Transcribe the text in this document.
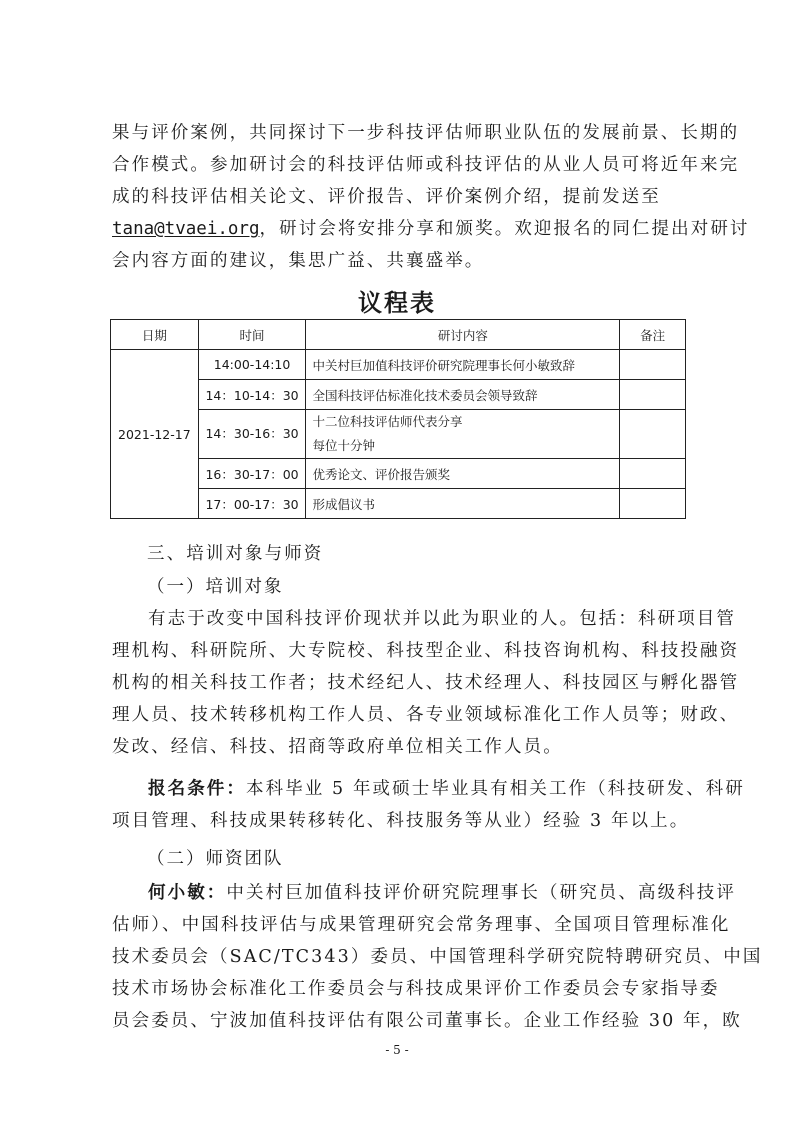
果与评价案例，共同探讨下一步科技评估师职业队伍的发展前景、长期的
合作模式。参加研讨会的科技评估师或科技评估的从业人员可将近年来完
成的科技评估相关论文、评价报告、评价案例介绍，提前发送至
tana@tvaei.org，研讨会将安排分享和颁奖。欢迎报名的同仁提出对研讨
会内容方面的建议，集思广益、共襄盛举。
议程表
日期	时间	研讨内容	备注
2021-12-17	14:00-14:10	中关村巨加值科技评价研究院理事长何小敏致辞	
	14：10-14：30	全国科技评估标准化技术委员会领导致辞	
	14：30-16：30	十二位科技评估师代表分享
每位十分钟	

	16：30-17：00	优秀论文、评价报告颁奖	
	17：00-17：30	形成倡议书	
三、培训对象与师资
（一）培训对象
有志于改变中国科技评价现状并以此为职业的人。包括：科研项目管
理机构、科研院所、大专院校、科技型企业、科技咨询机构、科技投融资
机构的相关科技工作者；技术经纪人、技术经理人、科技园区与孵化器管
理人员、技术转移机构工作人员、各专业领域标准化工作人员等；财政、
发改、经信、科技、招商等政府单位相关工作人员。
报名条件：本科毕业 5 年或硕士毕业具有相关工作（科技研发、科研
项目管理、科技成果转移转化、科技服务等从业）经验 3 年以上。
（二）师资团队
何小敏：中关村巨加值科技评价研究院理事长（研究员、高级科技评
估师）、中国科技评估与成果管理研究会常务理事、全国项目管理标准化
技术委员会（SAC/TC343）委员、中国管理科学研究院特聘研究员、中国
技术市场协会标准化工作委员会与科技成果评价工作委员会专家指导委
员会委员、宁波加值科技评估有限公司董事长。企业工作经验 30 年，欧
- 5 -
